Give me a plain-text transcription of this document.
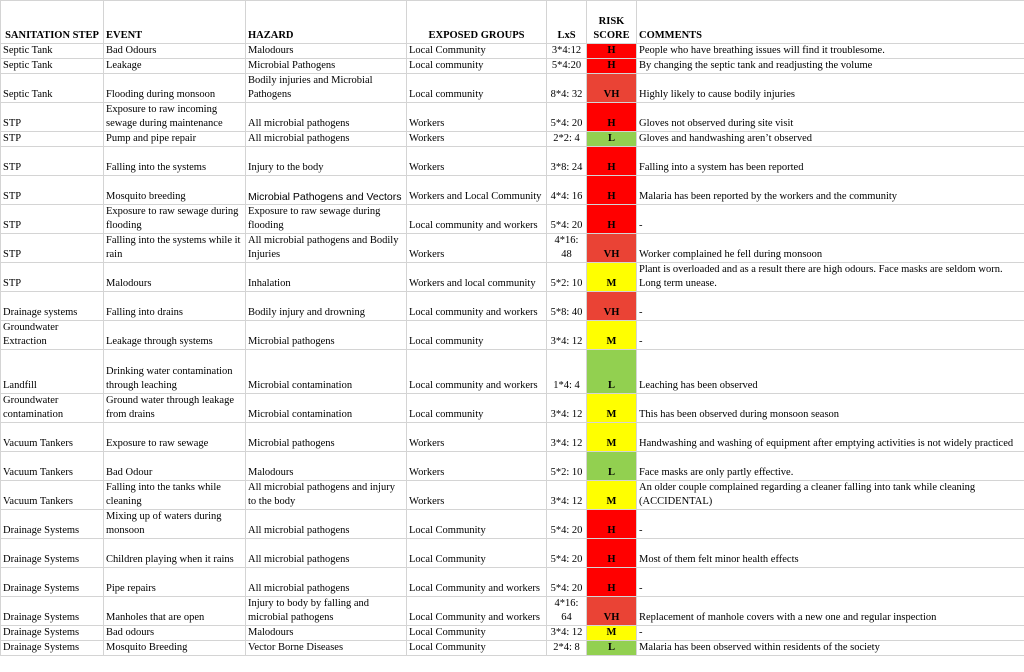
SANITATION STEP	EVENT	HAZARD	EXPOSED GROUPS	LxS	RISK SCORE	COMMENTS
Septic Tank	Bad Odours	Malodours	Local Community	3*4:12	H	People who have breathing issues will find it troublesome.
Septic Tank	Leakage	Microbial Pathogens	Local community	5*4:20	H	By changing the septic tank and readjusting the volume
Septic Tank	Flooding during monsoon	Bodily injuries and Microbial Pathogens	Local community	8*4: 32	VH	Highly likely to cause bodily injuries
STP	Exposure to raw incoming sewage during maintenance	All microbial pathogens	Workers	5*4: 20	H	Gloves not observed during site visit
STP	Pump and pipe repair	All microbial pathogens	Workers	2*2: 4	L	Gloves and handwashing aren’t observed
STP	Falling into the systems	Injury to the body	Workers	3*8: 24	H	Falling into a system has been reported
STP	Mosquito breeding	Microbial Pathogens and Vectors	Workers and Local Community	4*4: 16	H	Malaria has been reported by the workers and the community
STP	Exposure to raw sewage during flooding	Exposure to raw sewage during flooding	Local community and workers	5*4: 20	H	-
STP	Falling into the systems while it rain	All microbial pathogens and Bodily Injuries	Workers	4*16: 48	VH	Worker complained he fell during monsoon
STP	Malodours	Inhalation	Workers and local community	5*2: 10	M	Plant is overloaded and as a result there are high odours. Face masks are seldom worn. Long term unease.
Drainage systems	Falling into drains	Bodily injury and drowning	Local community and workers	5*8: 40	VH	-
Groundwater Extraction	Leakage through systems	Microbial pathogens	Local community	3*4: 12	M	-
Landfill	Drinking water contamination through leaching	Microbial contamination	Local community and workers	1*4: 4	L	Leaching has been observed
Groundwater contamination	Ground water through leakage from drains	Microbial contamination	Local community	3*4: 12	M	This has been observed during monsoon season
Vacuum Tankers	Exposure to raw sewage	Microbial pathogens	Workers	3*4: 12	M	Handwashing and washing of equipment after emptying activities is not widely practiced
Vacuum Tankers	Bad Odour	Malodours	Workers	5*2: 10	L	Face masks are only partly effective.
Vacuum Tankers	Falling into the tanks while cleaning	All microbial pathogens and injury to the body	Workers	3*4: 12	M	An older couple complained regarding a cleaner falling into tank while cleaning (ACCIDENTAL)
Drainage Systems	Mixing up of waters during monsoon	All microbial pathogens	Local Community	5*4: 20	H	-
Drainage Systems	Children playing when it rains	All microbial pathogens	Local Community	5*4: 20	H	Most of them felt minor health effects
Drainage Systems	Pipe repairs	All microbial pathogens	Local Community and workers	5*4: 20	H	-
Drainage Systems	Manholes that are open	Injury to body by falling and microbial pathogens	Local Community and workers	4*16: 64	VH	Replacement of manhole covers with a new one and regular inspection
Drainage Systems	Bad odours	Malodours	Local Community	3*4: 12	M	-
Drainage Systems	Mosquito Breeding	Vector Borne Diseases	Local Community	2*4: 8	L	Malaria has been observed within residents of the society
